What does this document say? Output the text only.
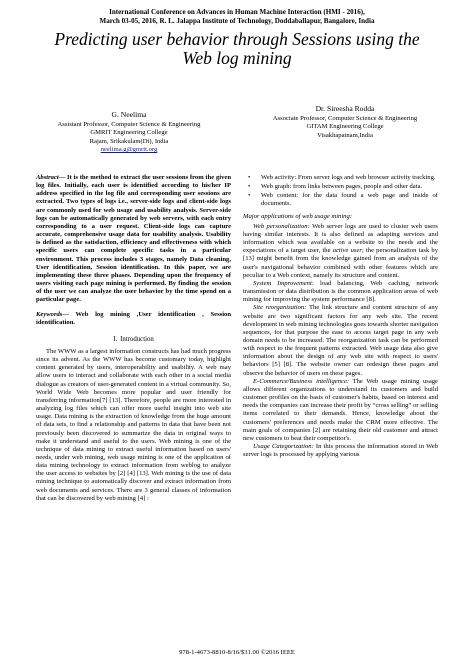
International Conference on Advances in Human Machine Interaction (HMI - 2016),
March 03-05, 2016, R. L. Jalappa Institute of Technology, Doddaballapur, Bangalore, India
Predicting user behavior through Sessions using the
Web log mining
G. Neelima
Assistant Professor, Computer Science & Engineering
GMRIT Engineering College
Rajam, Srikakulam(Dt), India
neelima.g@gmrit.org
Dr. Sireesha Rodda
Associate Professor, Computer Science & Engineering
GITAM Engineering College
Visakhapatnam,India
Abstract— It is the method to extract the user sessions from the given log files. Initially, each user is identified according to his/her IP address specified in the log file and corresponding user sessions are extracted. Two types of logs i.e., server-side logs and client-side logs are commonly used for web usage and usability analysis. Server-side logs can be automatically generated by web servers, with each entry corresponding to a user request. Client-side logs can capture accurate, comprehensive usage data for usability analysis. Usability is defined as the satisfaction, efficiency and effectiveness with which specific users can complete specific tasks in a particular environment. This process includes 3 stages, namely Data cleaning, User identification, Session identification. In this paper, we are implementing these three phases. Depending upon the frequency of users visiting each page mining is performed. By finding the session of the user we can analyze the user behavior by the time spend on a particular page.
Keywords— Web log mining ,User identification , Session identification.
I. Introduction

The WWW as a largest information constructs has had much progress since its advent. As the WWW has become customary today, highlight content generated by users, interoperability and usability. A web may allow users to interact and collaborate with each other in a social media dialogue as creators of user-generated content in a virtual community. So, World Wide Web becomes more popular and user friendly for transferring information[7] [13]. Therefore, people are more interested in analyzing log files which can offer more useful insight into web site usage. Data mining is the extraction of knowledge from the huge amount of data sets, to find a relationship and patterns in data that have been not previously been discovered to summarize the data in original ways to make it understand and useful to the users. Web mining is one of the technique of data mining to extract useful information based on users' needs, under web mining, web usage mining is one of the application of data mining technology to extract information from weblog to analyze the user access to websites by [2] [4] [13]. Web mining is the use of data mining technique to automatically discover and extract information from web documents and services. There are 3 general classes of information that can be discovered by web mining [4] :

• Web activity: From server logs and web browser activity tracking.
• Web graph: from links between pages, people and other data.
• Web content: for the data found a web page and inside of documents.
Major applications of web usage mining:

Web personalization: Web server logs are used to cluster web users having similar interests. It is also defined as adapting services and information which was available on a website to the needs and the expectations of a target user, the active user; the personalization task by [13] might benefit from the knowledge gained from an analysis of the user's navigational behavior combined with other features which are peculiar to a Web context, namely its structure and content.

System Improvement: load balancing, Web caching, network transmission or data distribution is the common application areas of web mining for improving the system performance [8].

Site reorganization: The link structure and content structure of any website are two significant factors for any web site. The recent development in web mining technologies goes towards shorter navigation sequences, for that purpose the ease to access target page in any web domain needs to be increased. The reorganization task can be performed with respect to the frequent patterns extracted. Web usage data also give information about the design of any web site with respect to users' behaviors [5] [8]. The website owner can redesign these pages and observe the behavior of users on these pages.

E-Commerce/Business intelligence: The Web usage mining usage allows different organizations to understand its customers and build customer profiles on the basis of customer's habits, based on interest and needs the companies can increase their profit by “cross selling” or selling items correlated to their demands. Hence, knowledge about the customers' preferences and needs make the CRM more effective. The main goals of companies [2] are retaining their old customer and attract new customers to beat their competitor's.

Usage Categorization: In this process the information stored in Web server logs is processed by applying various

978-1-4673-8810-8/16/$31.00 ©2016 IEEE
